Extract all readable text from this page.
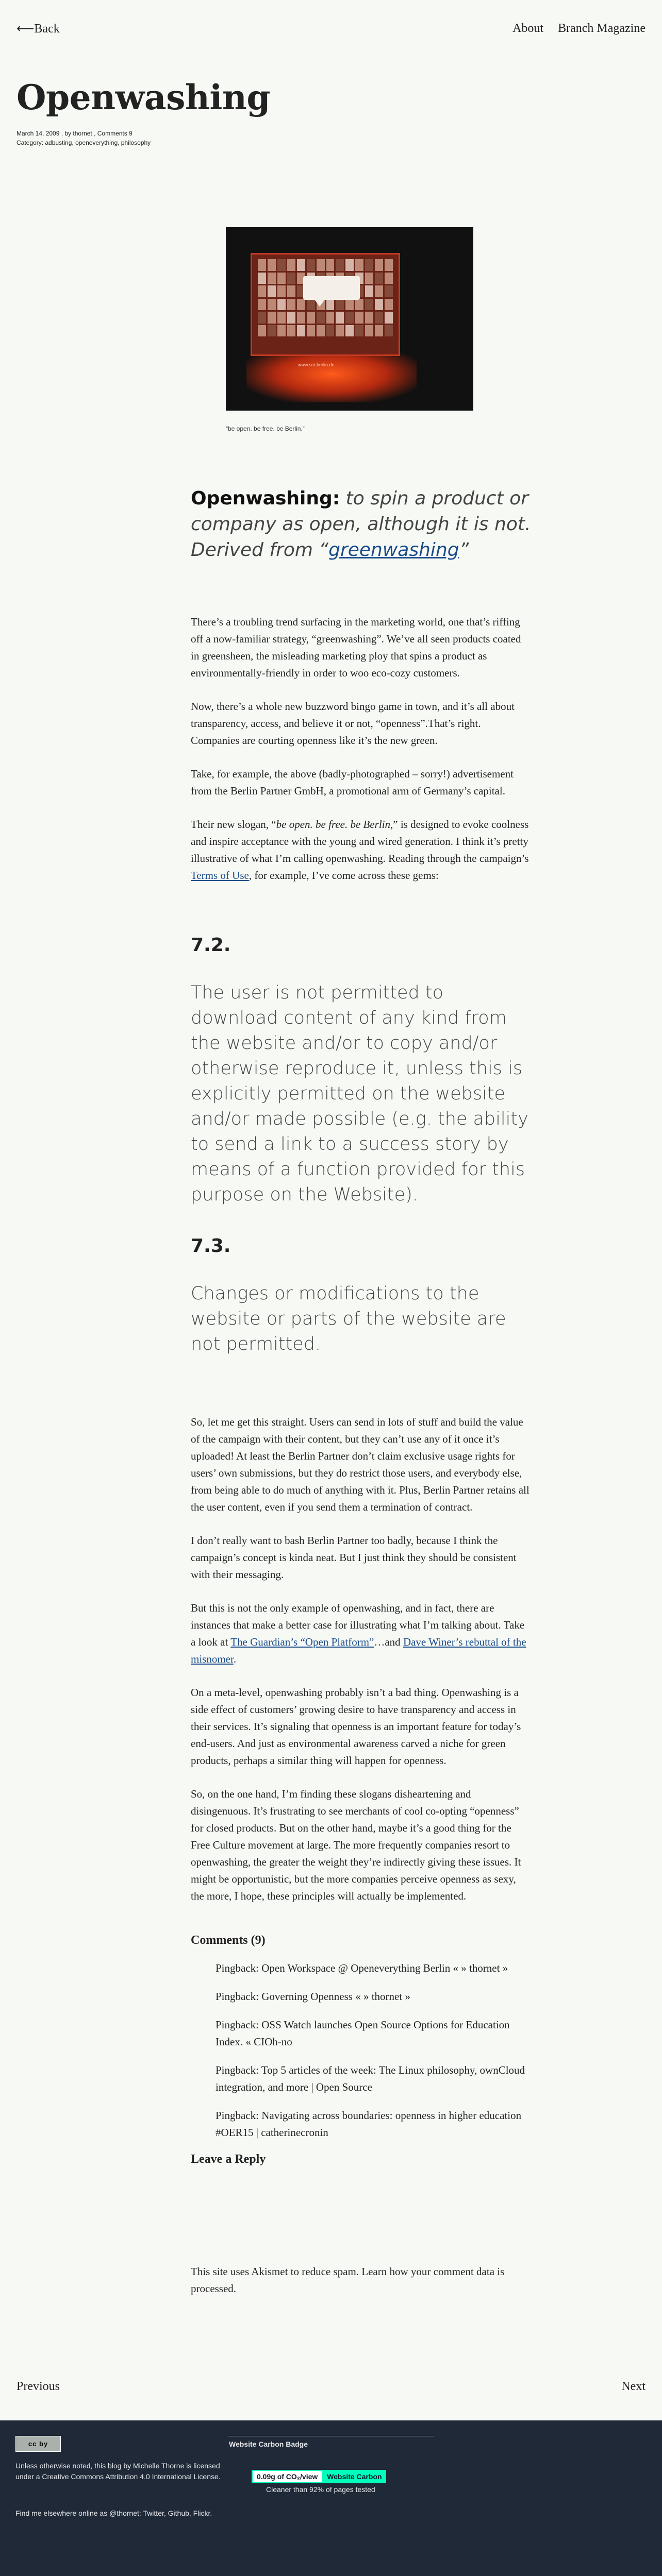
⟵Back	About Branch Magazine
Openwashing
March 14, 2009 , by thornet , Comments 9
Category: adbusting, openeverything, philosophy
www.sei-berlin.de
“be open. be free. be Berlin.”

Openwashing: to spin a product or company as open, although it is not. Derived from “greenwashing”

There’s a troubling trend surfacing in the marketing world, one that’s riffing off a now-familiar strategy, “greenwashing”. We’ve all seen products coated in greensheen, the misleading marketing ploy that spins a product as environmentally-friendly in order to woo eco-cozy customers.

Now, there’s a whole new buzzword bingo game in town, and it’s all about transparency, access, and believe it or not, “openness”.That’s right. Companies are courting openness like it’s the new green.

Take, for example, the above (badly-photographed – sorry!) advertisement from the Berlin Partner GmbH, a promotional arm of Germany’s capital.

Their new slogan, “be open. be free. be Berlin,” is designed to evoke coolness and inspire acceptance with the young and wired generation. I think it’s pretty illustrative of what I’m calling openwashing. Reading through the campaign’s Terms of Use, for example, I’ve come across these gems:

7.2.

The user is not permitted to download content of any kind from the website and/or to copy and/or otherwise reproduce it, unless this is explicitly permitted on the website and/or made possible (e.g. the ability to send a link to a success story by means of a function provided for this purpose on the Website).

7.3.

Changes or modifications to the website or parts of the website are not permitted.

So, let me get this straight. Users can send in lots of stuff and build the value of the campaign with their content, but they can’t use any of it once it’s uploaded! At least the Berlin Partner don’t claim exclusive usage rights for users’ own submissions, but they do restrict those users, and everybody else, from being able to do much of anything with it. Plus, Berlin Partner retains all the user content, even if you send them a termination of contract.

I don’t really want to bash Berlin Partner too badly, because I think the campaign’s concept is kinda neat. But I just think they should be consistent with their messaging.

But this is not the only example of openwashing, and in fact, there are instances that make a better case for illustrating what I’m talking about. Take a look at The Guardian’s “Open Platform”…and Dave Winer’s rebuttal of the misnomer.

On a meta-level, openwashing probably isn’t a bad thing. Openwashing is a side effect of customers’ growing desire to have transparency and access in their services. It’s signaling that openness is an important feature for today’s end-users. And just as environmental awareness carved a niche for green products, perhaps a similar thing will happen for openness.

So, on the one hand, I’m finding these slogans disheartening and disingenuous. It’s frustrating to see merchants of cool co-opting “openness” for closed products. But on the other hand, maybe it’s a good thing for the Free Culture movement at large. The more frequently companies resort to openwashing, the greater the weight they’re indirectly giving these issues. It might be opportunistic, but the more companies perceive openness as sexy, the more, I hope, these principles will actually be implemented.

Comments (9)
Pingback: Open Workspace @ Openeverything Berlin « » thornet »
Pingback: Governing Openness « » thornet »
Pingback: OSS Watch launches Open Source Options for Education Index. « CIOh-no
Pingback: Top 5 articles of the week: The Linux philosophy, ownCloud integration, and more | Open Source
Pingback: Navigating across boundaries: openness in higher education #OER15 | catherinecronin
Leave a Reply

This site uses Akismet to reduce spam. Learn how your comment data is processed.

Previous	Next
cc by

Unless otherwise noted, this blog by Michelle Thorne is licensed under a Creative Commons Attribution 4.0 International License.

Find me elsewhere online as @thornet: Twitter, Github, Flickr.

Website Carbon Badge
0.09g of CO₂/view	Website Carbon
Cleaner than 92% of pages tested
